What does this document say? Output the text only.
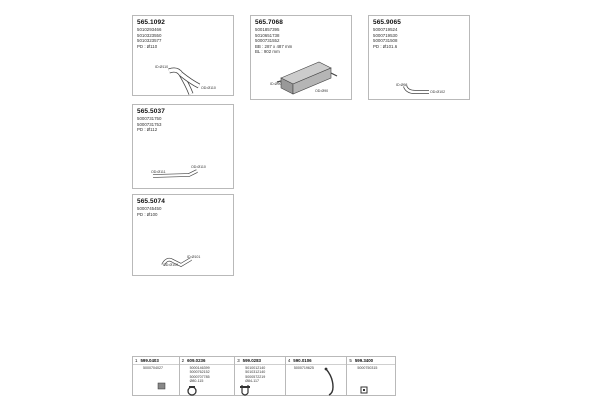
565.1092
5010293466
5010323550
5010323577
PD : Ø110
ID:Ø110
OD:Ø110
565.7068
5001857395
5010651738
5000731552
BB : 287 x 487 mm
BL : 902 mm
ID:Ø90
OD:Ø90
565.9065
5000719524
5000719530
5000731508
PD : Ø101.6
ID:Ø98
OD:Ø102
565.5037
5000731750
5000731753
PD : Ø112
OD:Ø111
OD:Ø110
565.5074
5000745450
PD : Ø100
OD:Ø100
ID:Ø101
1 599.0403
5000704027
2 609.0236
5000146399
5000762152
5000707785
Ø80-115
3 599.0283
5010012140
5010312140
5000572219
Ø84-117
4 590.0106
5000719625
5 599.3400
5000750315
